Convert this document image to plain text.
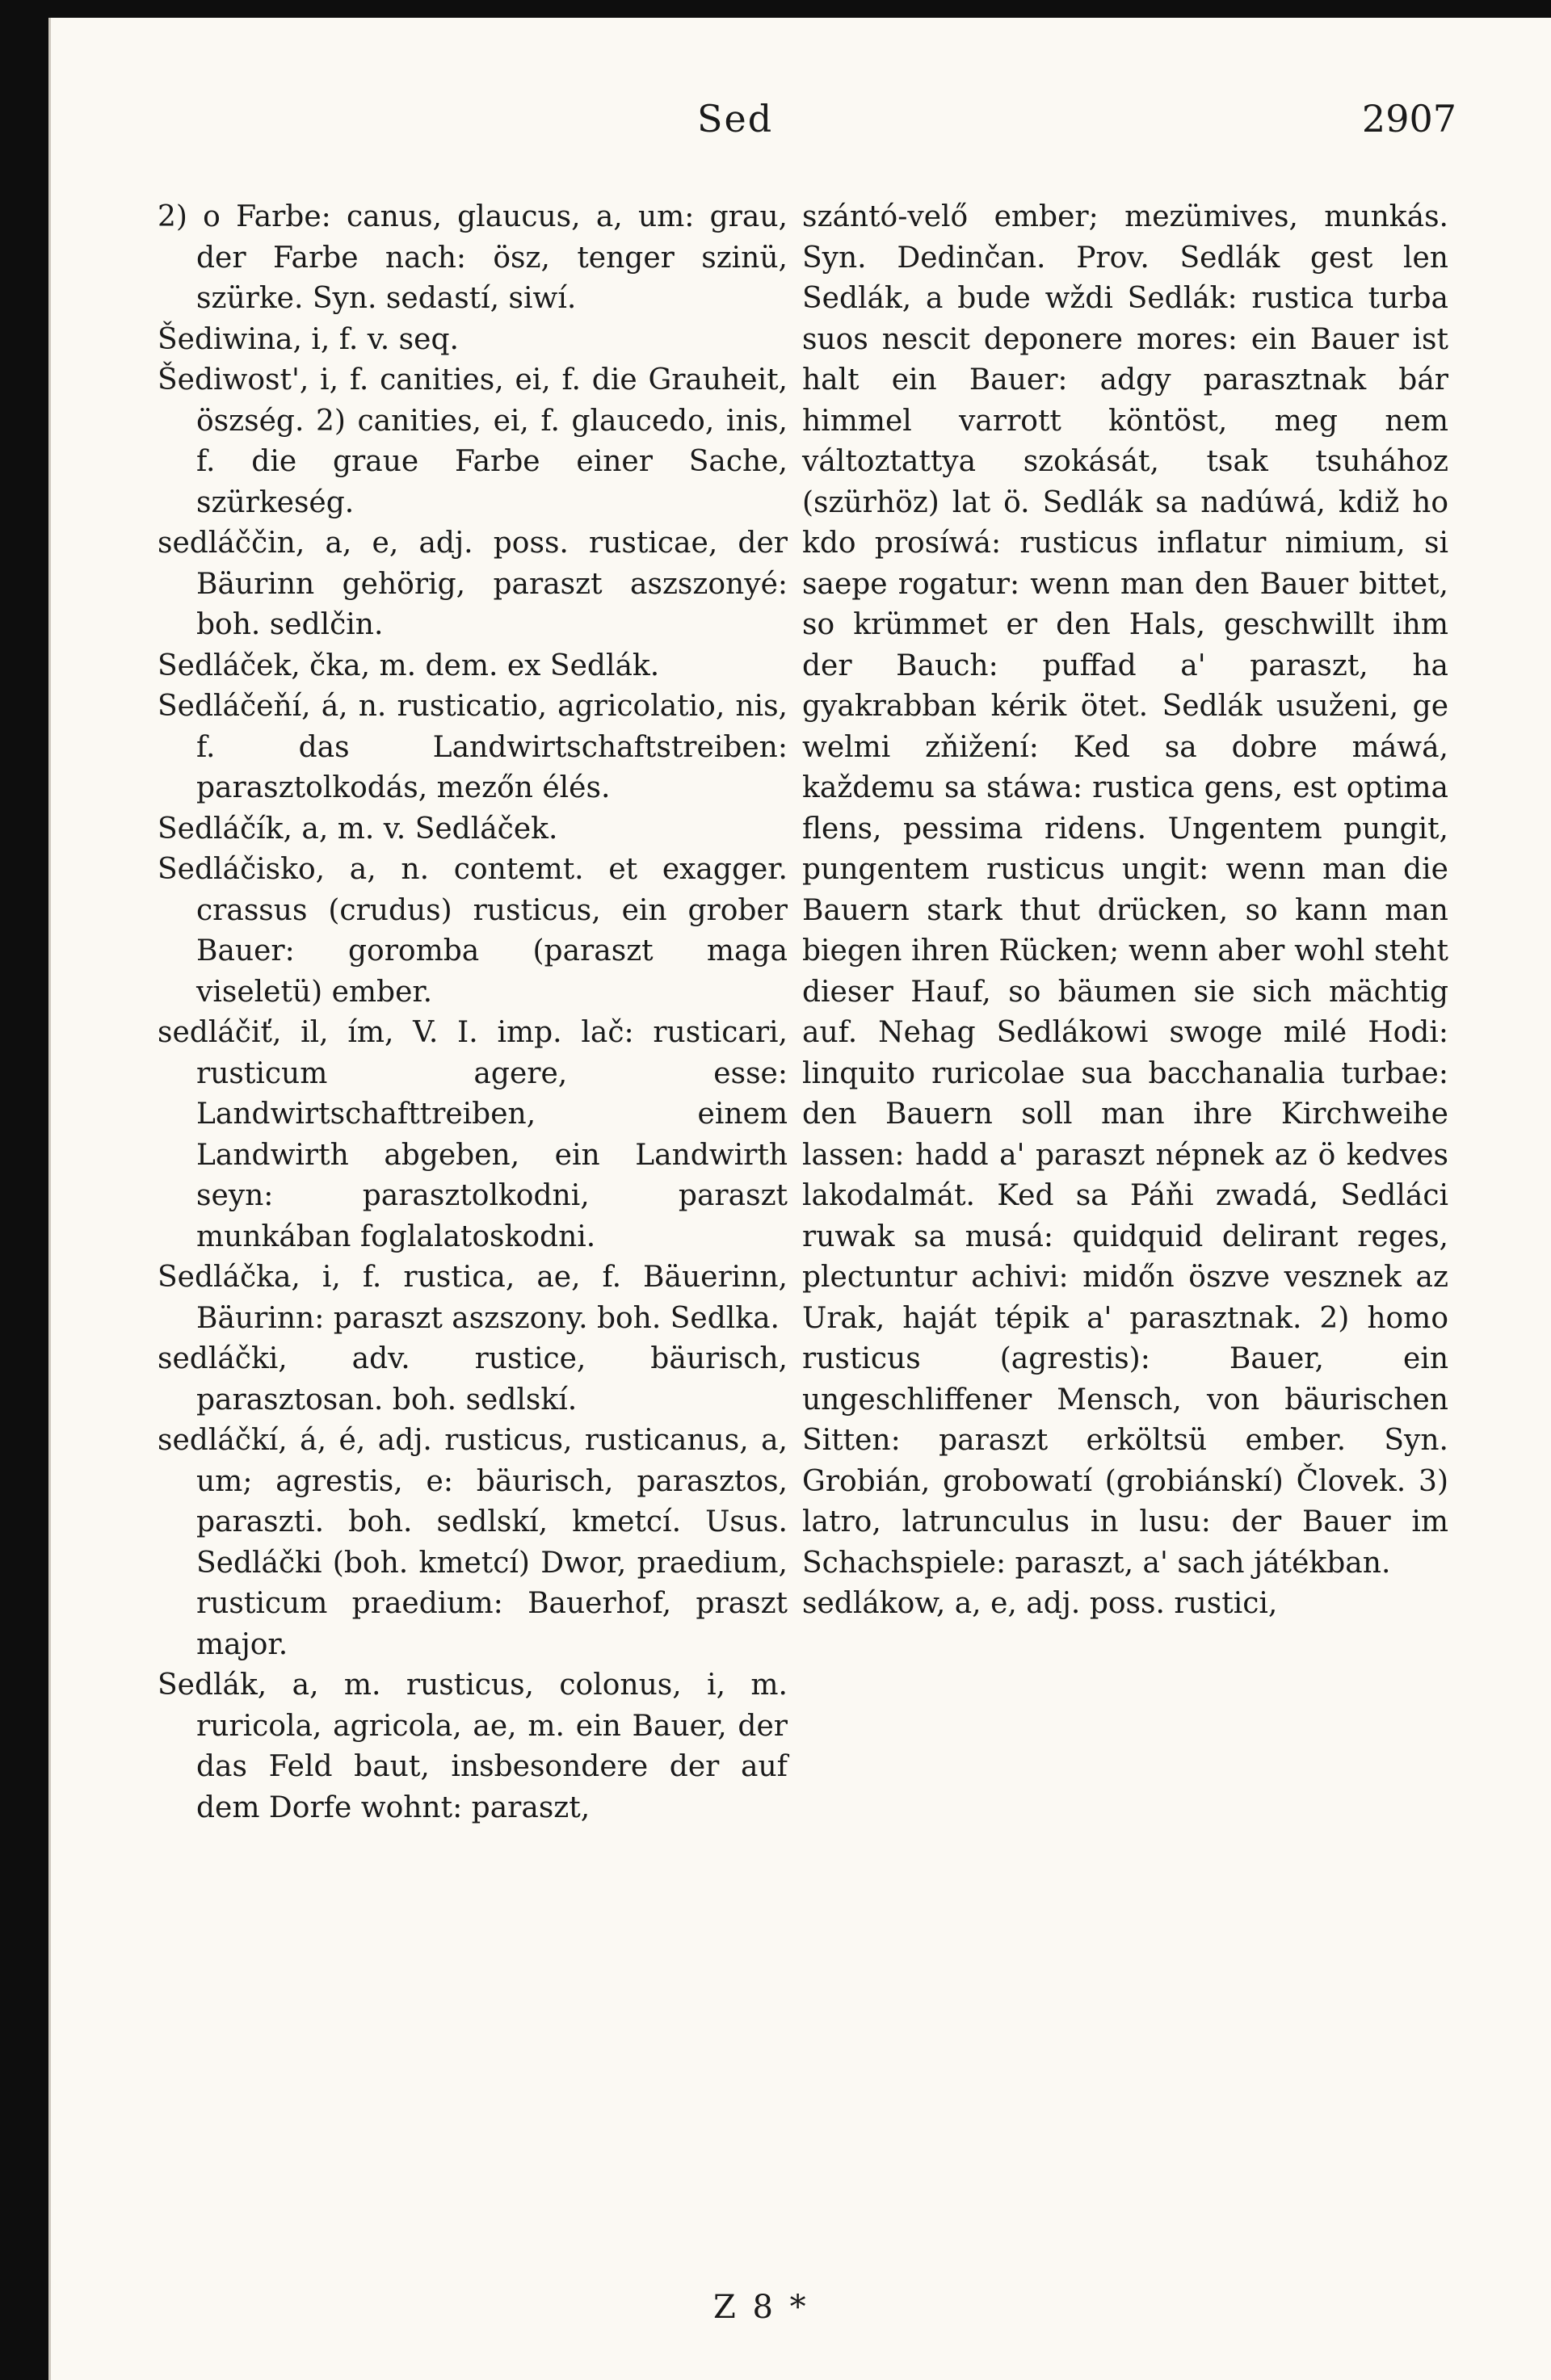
Sed	2907

2) o Farbe: canus, glaucus, a, um: grau, der Farbe nach: ösz, tenger szinü, szürke. Syn. sedastí, siwí.

Šediwina, i, f. v. seq.

Šediwost', i, f. canities, ei, f. die Grauheit, öszség. 2) canities, ei, f. glaucedo, inis, f. die graue Farbe einer Sache, szürkeség.

sedláččin, a, e, adj. poss. rusticae, der Bäurinn gehörig, paraszt aszszonyé: boh. sedlčin.

Sedláček, čka, m. dem. ex Sedlák.

Sedláčeňí, á, n. rusticatio, agricolatio, nis, f. das Landwirtschaftstreiben: parasztolkodás, mezőn élés.

Sedláčík, a, m. v. Sedláček.

Sedláčisko, a, n. contemt. et exagger. crassus (crudus) rusticus, ein grober Bauer: goromba (paraszt maga viseletü) ember.

sedláčiť, il, ím, V. I. imp. lač: rusticari, rusticum agere, esse: Landwirtschafttreiben, einem Landwirth abgeben, ein Landwirth seyn: parasztolkodni, paraszt munkában foglalatoskodni.

Sedláčka, i, f. rustica, ae, f. Bäuerinn, Bäurinn: paraszt aszszony. boh. Sedlka.

sedláčki, adv. rustice, bäurisch, parasztosan. boh. sedlskí.

sedláčkí, á, é, adj. rusticus, rusticanus, a, um; agrestis, e: bäurisch, parasztos, paraszti. boh. sedlskí, kmetcí. Usus. Sedláčki (boh. kmetcí) Dwor, praedium, rusticum praedium: Bauerhof, praszt major.

Sedlák, a, m. rusticus, colonus, i, m. ruricola, agricola, ae, m. ein Bauer, der das Feld baut, insbesondere der auf dem Dorfe wohnt: paraszt,

szántó-velő ember; mezümives, munkás. Syn. Dedinčan. Prov. Sedlák gest len Sedlák, a bude wždi Sedlák: rustica turba suos nescit deponere mores: ein Bauer ist halt ein Bauer: adgy parasztnak bár himmel varrott köntöst, meg nem változtattya szokását, tsak tsuhához (szürhöz) lat ö. Sedlák sa nadúwá, kdiž ho kdo prosíwá: rusticus inflatur nimium, si saepe rogatur: wenn man den Bauer bittet, so krümmet er den Hals, geschwillt ihm der Bauch: puffad a' paraszt, ha gyakrabban kérik ötet. Sedlák usuženi, ge welmi zňižení: Ked sa dobre máwá, každemu sa stáwa: rustica gens, est optima flens, pessima ridens. Ungentem pungit, pungentem rusticus ungit: wenn man die Bauern stark thut drücken, so kann man biegen ihren Rücken; wenn aber wohl steht dieser Hauf, so bäumen sie sich mächtig auf. Nehag Sedlákowi swoge milé Hodi: linquito ruricolae sua bacchanalia turbae: den Bauern soll man ihre Kirchweihe lassen: hadd a' paraszt népnek az ö kedves lakodalmát. Ked sa Páňi zwadá, Sedláci ruwak sa musá: quidquid delirant reges, plectuntur achivi: midőn öszve vesznek az Urak, haját tépik a' parasztnak. 2) homo rusticus (agrestis): Bauer, ein ungeschliffener Mensch, von bäurischen Sitten: paraszt erköltsü ember. Syn. Grobián, grobowatí (grobiánskí) Človek. 3) latro, latrunculus in lusu: der Bauer im Schachspiele: paraszt, a' sach játékban.

sedlákow, a, e, adj. poss. rustici,

Z 8 *
